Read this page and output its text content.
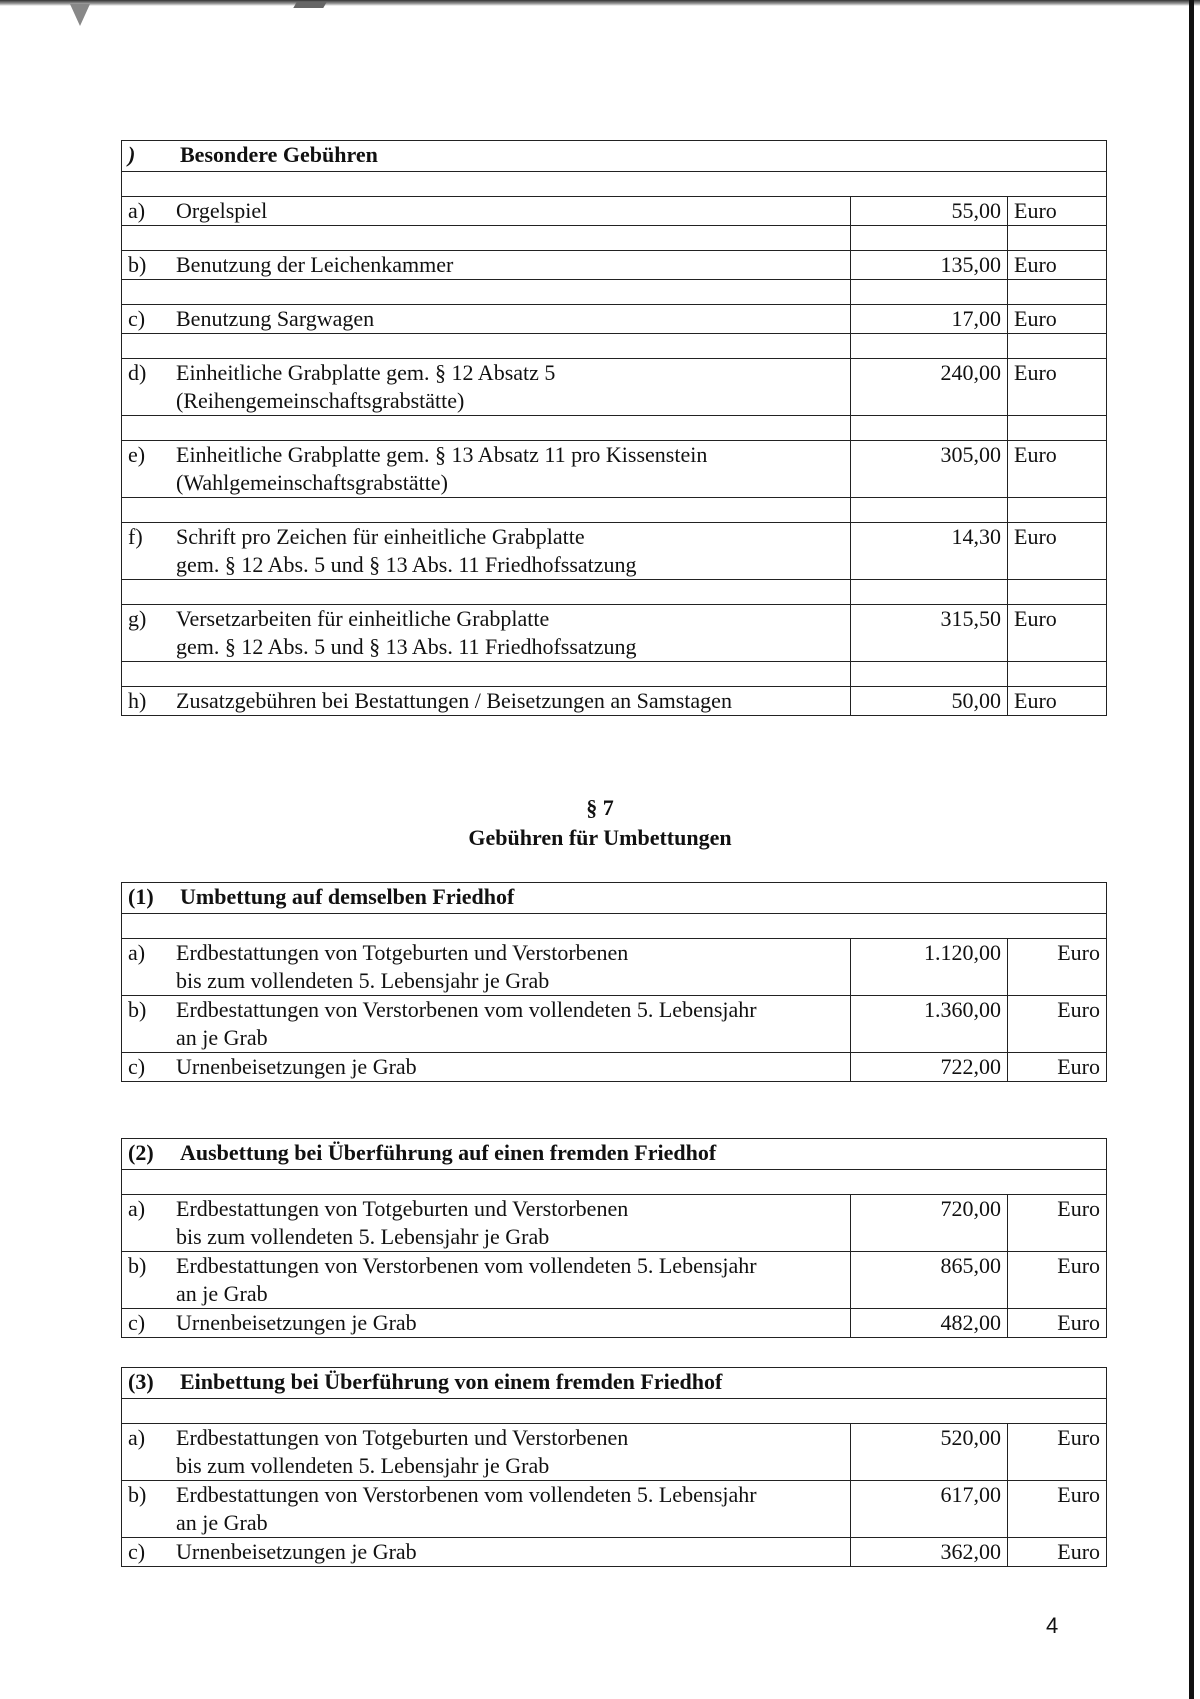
) Besondere Gebühren		

a) Orgelspiel	55,00	Euro

b) Benutzung der Leichenkammer	135,00	Euro

c) Benutzung Sargwagen	17,00	Euro

d) Einheitliche Grabplatte gem. § 12 Absatz 5
(Reihengemeinschaftsgrabstätte)	240,00	Euro

e) Einheitliche Grabplatte gem. § 13 Absatz 11 pro Kissenstein
(Wahlgemeinschaftsgrabstätte)	305,00	Euro

f) Schrift pro Zeichen für einheitliche Grabplatte
gem. § 12 Abs. 5 und § 13 Abs. 11 Friedhofssatzung	14,30	Euro

g) Versetzarbeiten für einheitliche Grabplatte
gem. § 12 Abs. 5 und § 13 Abs. 11 Friedhofssatzung	315,50	Euro

h) Zusatzgebühren bei Bestattungen / Beisetzungen an Samstagen	50,00	Euro
§ 7
Gebühren für Umbettungen
(1) Umbettung auf demselben Friedhof		

a) Erdbestattungen von Totgeburten und Verstorbenen
bis zum vollendeten 5. Lebensjahr je Grab	1.120,00	Euro

b) Erdbestattungen von Verstorbenen vom vollendeten 5. Lebensjahr
an je Grab	1.360,00	Euro

c) Urnenbeisetzungen je Grab	722,00	Euro
(2) Ausbettung bei Überführung auf einen fremden Friedhof		

a) Erdbestattungen von Totgeburten und Verstorbenen
bis zum vollendeten 5. Lebensjahr je Grab	720,00	Euro

b) Erdbestattungen von Verstorbenen vom vollendeten 5. Lebensjahr
an je Grab	865,00	Euro

c) Urnenbeisetzungen je Grab	482,00	Euro
(3) Einbettung bei Überführung von einem fremden Friedhof		

a) Erdbestattungen von Totgeburten und Verstorbenen
bis zum vollendeten 5. Lebensjahr je Grab	520,00	Euro

b) Erdbestattungen von Verstorbenen vom vollendeten 5. Lebensjahr
an je Grab	617,00	Euro

c) Urnenbeisetzungen je Grab	362,00	Euro
4
